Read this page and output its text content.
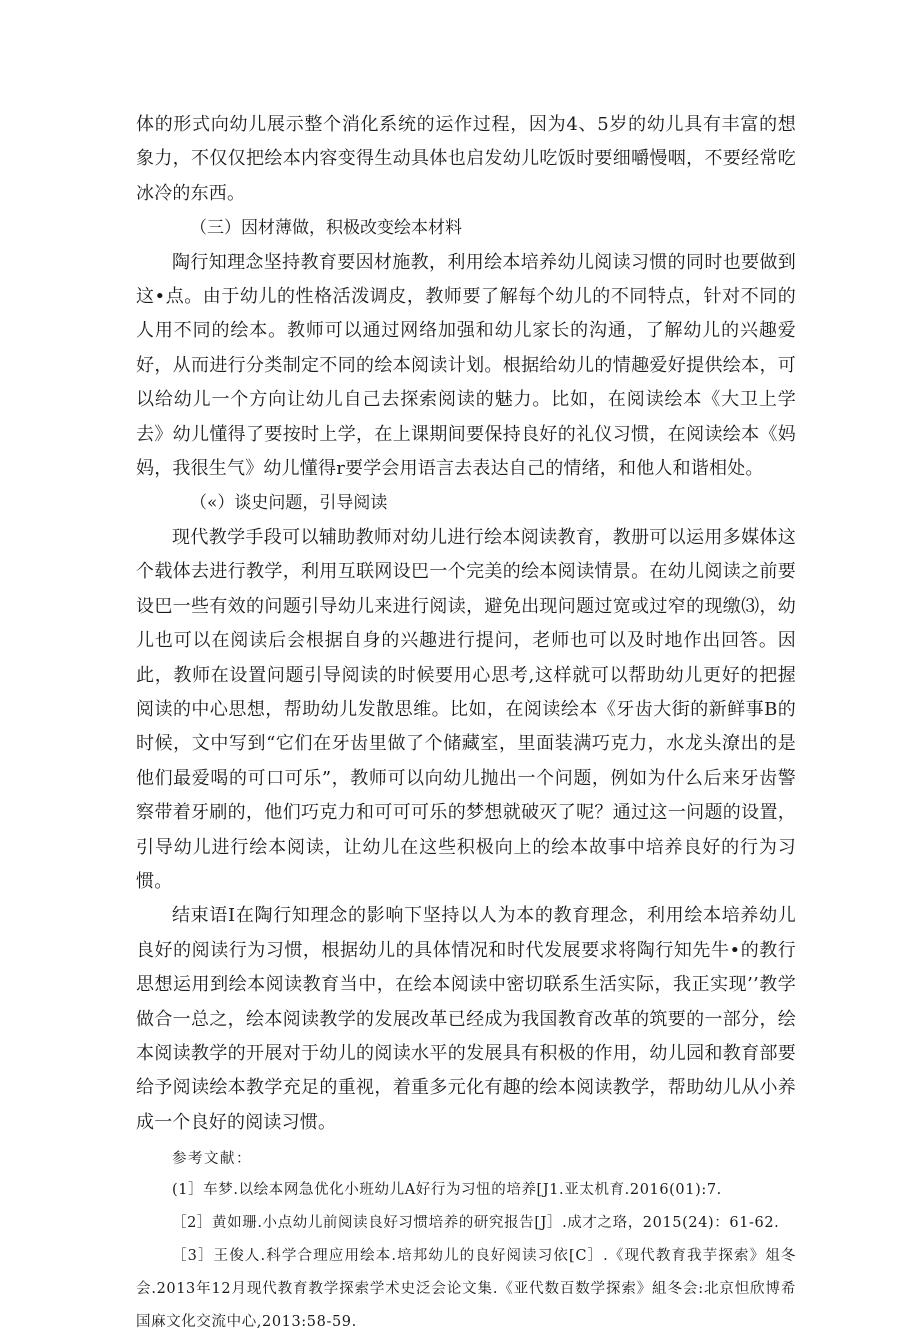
体的形式向幼儿展示整个消化系统的运作过程，因为4、5岁的幼儿具有丰富的想象力，不仅仅把绘本内容变得生动具体也启发幼儿吃饭时要细嚼慢咽，不要经常吃冰冷的东西。

（三）因材薄做，积极改变绘本材料

陶行知理念坚持教育要因材施教，利用绘本培养幼儿阅读习惯的同时也要做到这•点。由于幼儿的性格活泼调皮，教师要了解每个幼儿的不同特点，针对不同的人用不同的绘本。教师可以通过网络加强和幼儿家长的沟通，了解幼儿的兴趣爱好，从而进行分类制定不同的绘本阅读计划。根据给幼儿的情趣爱好提供绘本，可以给幼儿一个方向让幼儿自己去探索阅读的魅力。比如，在阅读绘本《大卫上学去》幼儿懂得了要按时上学，在上课期间要保持良好的礼仪习惯，在阅读绘本《妈妈，我很生气》幼儿懂得r要学会用语言去表达自己的情绪，和他人和谐相处。

（«）谈史问题，引导阅读

现代教学手段可以辅助教师对幼儿进行绘本阅读教育，教册可以运用多媒体这个载体去进行教学，利用互联网设巴一个完美的绘本阅读情景。在幼儿阅读之前要设巴一些有效的问题引导幼儿来进行阅读，避免出现问题过宽或过窄的现缴⑶，幼儿也可以在阅读后会根据自身的兴趣进行提问，老师也可以及时地作出回答。因此，教师在设置问题引导阅读的时候要用心思考,这样就可以帮助幼儿更好的把握阅读的中心思想，帮助幼儿发散思维。比如，在阅读绘本《牙齿大街的新鲜事B的时候，文中写到“它们在牙齿里做了个储藏室，里面装满巧克力，水龙头潦出的是他们最爱喝的可口可乐”，教师可以向幼儿抛出一个问题，例如为什么后来牙齿警察带着牙刷的，他们巧克力和可可可乐的梦想就破灭了呢？通过这一问题的设置，引导幼儿进行绘本阅读，让幼儿在这些积极向上的绘本故事中培养良好的行为习惯。

结束语I在陶行知理念的影响下坚持以人为本的教育理念，利用绘本培养幼儿良好的阅读行为习惯，根据幼儿的具体情况和时代发展要求将陶行知先牛•的教行思想运用到绘本阅读教育当中，在绘本阅读中密切联系生活实际，我正实现’’教学做合一总之，绘本阅读教学的发展改革已经成为我国教育改革的筑要的一部分，绘本阅读教学的开展对于幼儿的阅读水平的发展具有积极的作用，幼儿园和教育部要给予阅读绘本教学充足的重视，着重多元化有趣的绘本阅读教学，帮助幼儿从小养成一个良好的阅读习惯。

参考文献：

(1］车梦.以绘本网急优化小班幼儿A好行为习忸的培养[J1.亚太机育.2016(01):7.

［2］黄如珊.小点幼儿前阅读良好习惯培养的研究报告[J］.成才之珞，2015(24)：61-62.

［3］王俊人.科学合理应用绘本.培邦幼儿的良好阅读习依[C］.《现代教育我芋探索》俎冬会.2013年12月现代教育教学探索学术史泛会论文集.《亚代数百数学探索》組冬会:北京怛欣博希国麻文化交流中心,2013:58-59.
